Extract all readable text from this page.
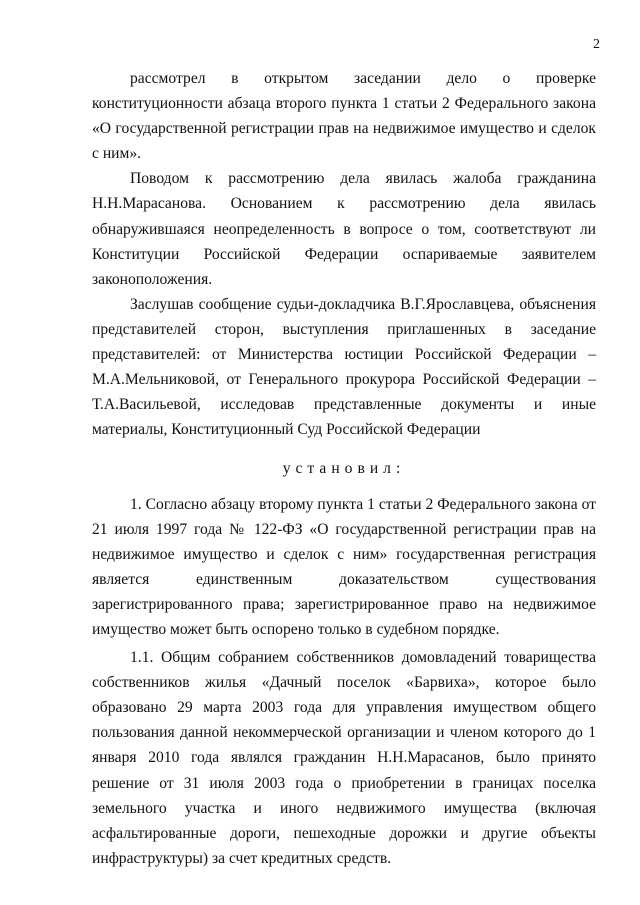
2

рассмотрел в открытом заседании дело о проверке конституционности абзаца второго пункта 1 статьи 2 Федерального закона «О государственной регистрации прав на недвижимое имущество и сделок с ним».

Поводом к рассмотрению дела явилась жалоба гражданина Н.Н.Марасанова. Основанием к рассмотрению дела явилась обнаружившаяся неопределенность в вопросе о том, соответствуют ли Конституции Российской Федерации оспариваемые заявителем законоположения.

Заслушав сообщение судьи-докладчика В.Г.Ярославцева, объяснения представителей сторон, выступления приглашенных в заседание представителей: от Министерства юстиции Российской Федерации – М.А.Мельниковой, от Генерального прокурора Российской Федерации – Т.А.Васильевой, исследовав представленные документы и иные материалы, Конституционный Суд Российской Федерации

установил:

1. Согласно абзацу второму пункта 1 статьи 2 Федерального закона от 21 июля 1997 года № 122-ФЗ «О государственной регистрации прав на недвижимое имущество и сделок с ним» государственная регистрация является единственным доказательством существования зарегистрированного права; зарегистрированное право на недвижимое имущество может быть оспорено только в судебном порядке.

1.1. Общим собранием собственников домовладений товарищества собственников жилья «Дачный поселок «Барвиха», которое было образовано 29 марта 2003 года для управления имуществом общего пользования данной некоммерческой организации и членом которого до 1 января 2010 года являлся гражданин Н.Н.Марасанов, было принято решение от 31 июля 2003 года о приобретении в границах поселка земельного участка и иного недвижимого имущества (включая асфальтированные дороги, пешеходные дорожки и другие объекты инфраструктуры) за счет кредитных средств.
